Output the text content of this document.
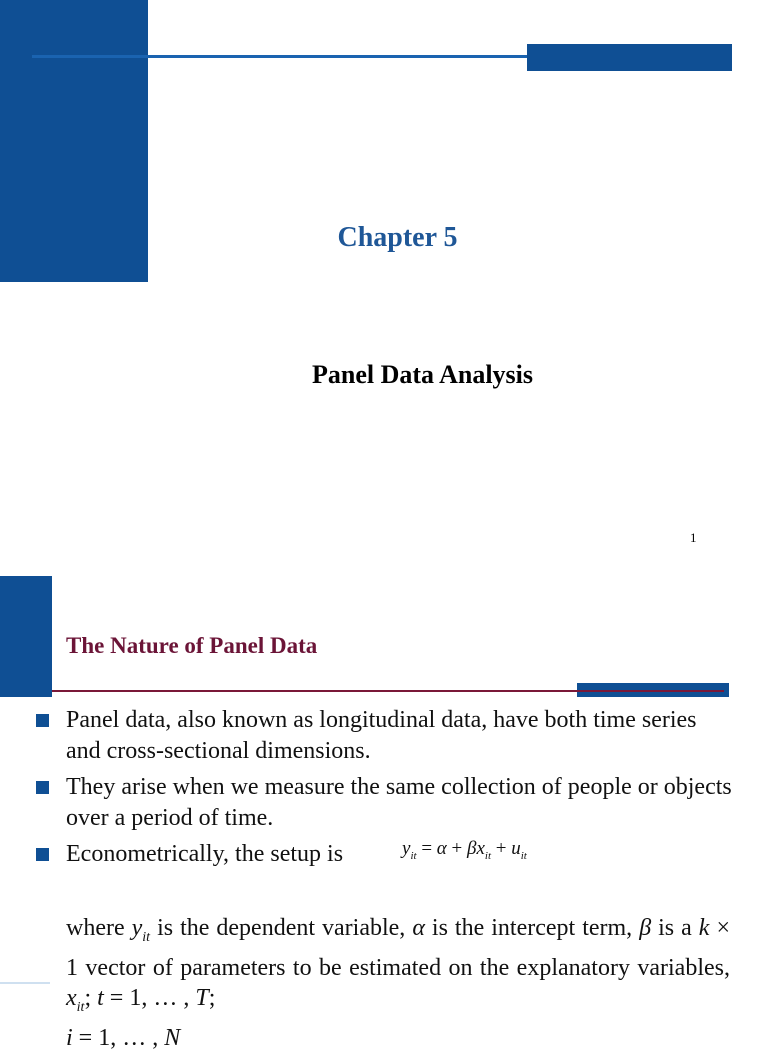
Chapter 5
Panel Data Analysis
1
The Nature of Panel Data
Panel data, also known as longitudinal data, have both time series and cross-sectional dimensions.
They arise when we measure the same collection of people or objects over a period of time.
Econometrically, the setup is	$y_{it} = \alpha + \beta x_{it} + u_{it}$
where $y_{it}$ is the dependent variable, α is the intercept term, β is a k × 1 vector of parameters to be estimated on the explanatory variables, $x_{it}$; t = 1, … , T;
i = 1, … , N
